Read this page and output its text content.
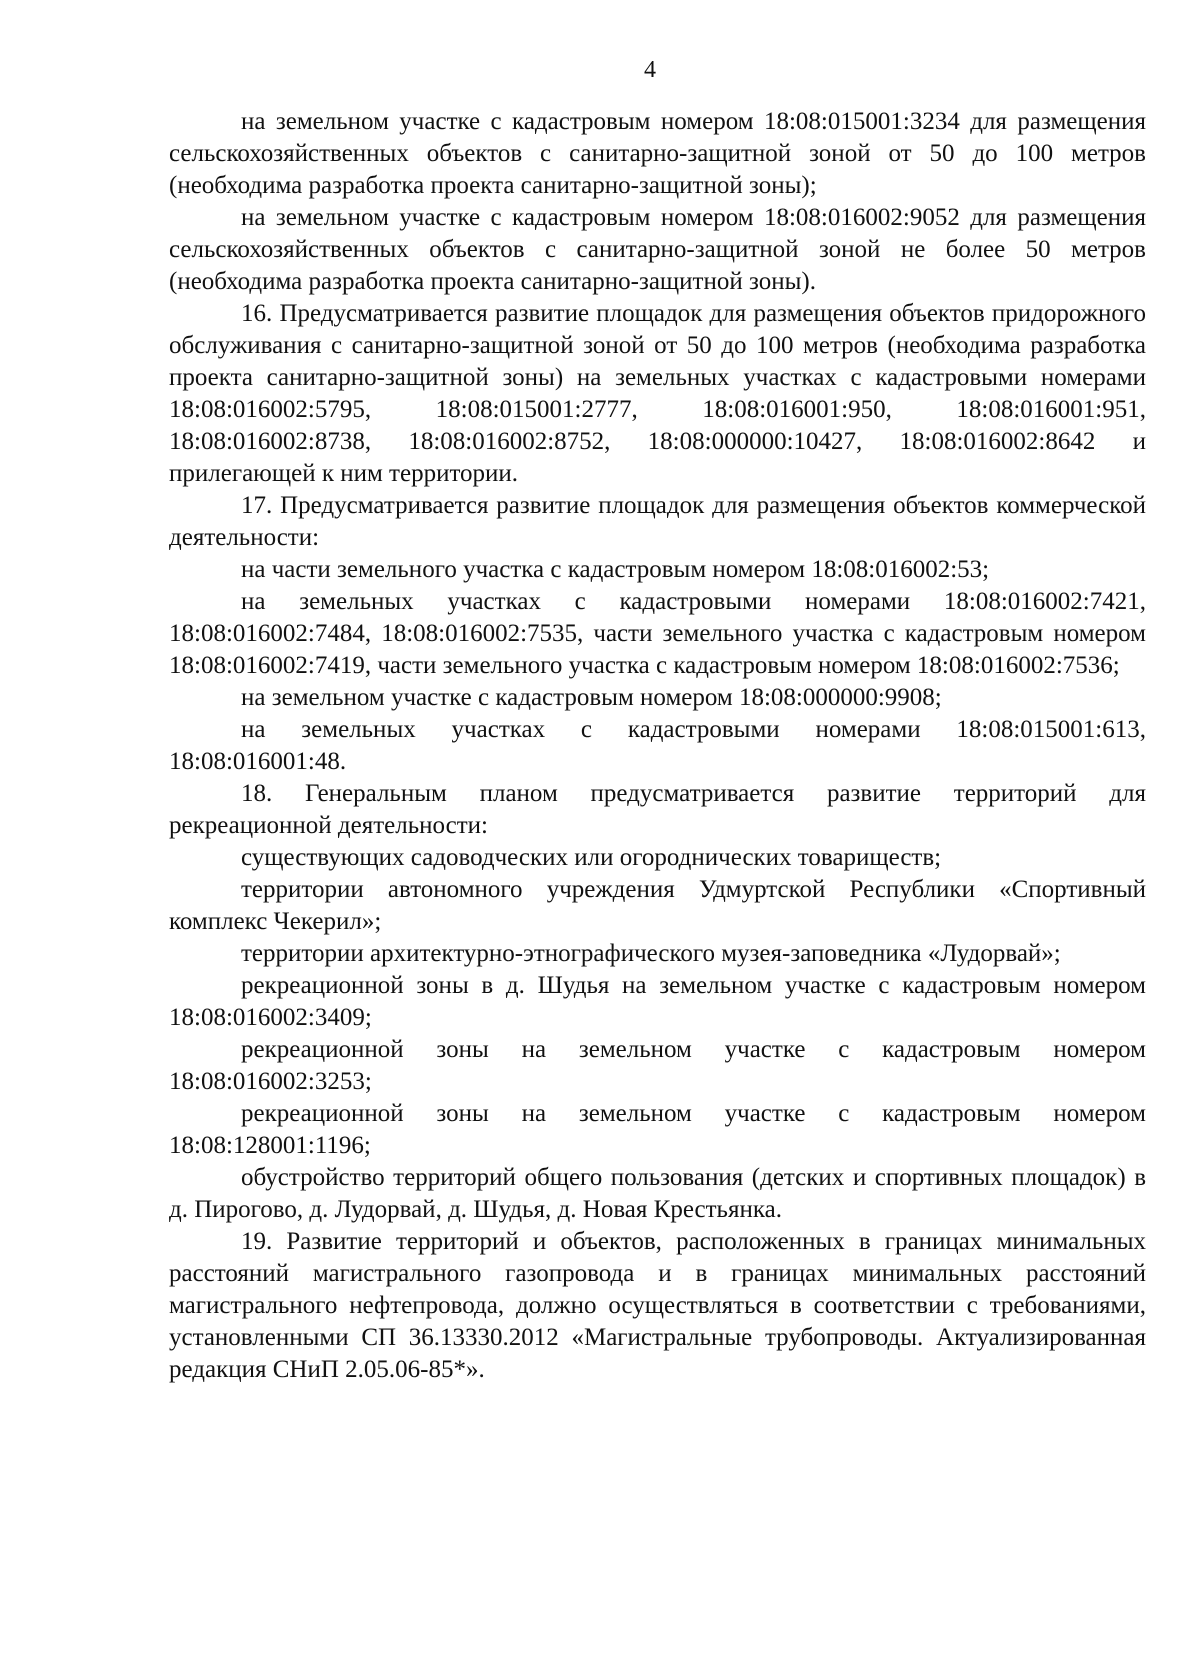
4

на земельном участке с кадастровым номером 18:08:015001:3234 для размещения сельскохозяйственных объектов с санитарно-защитной зоной от 50 до 100 метров (необходима разработка проекта санитарно-защитной зоны);

на земельном участке с кадастровым номером 18:08:016002:9052 для размещения сельскохозяйственных объектов с санитарно-защитной зоной не более 50 метров (необходима разработка проекта санитарно-защитной зоны).

16. Предусматривается развитие площадок для размещения объектов придорожного обслуживания с санитарно-защитной зоной от 50 до 100 метров (необходима разработка проекта санитарно-защитной зоны) на земельных участках с кадастровыми номерами 18:08:016002:5795, 18:08:015001:2777, 18:08:016001:950, 18:08:016001:951, 18:08:016002:8738, 18:08:016002:8752, 18:08:000000:10427, 18:08:016002:8642 и прилегающей к ним территории.

17. Предусматривается развитие площадок для размещения объектов коммерческой деятельности:

на части земельного участка с кадастровым номером 18:08:016002:53;

на земельных участках с кадастровыми номерами 18:08:016002:7421, 18:08:016002:7484, 18:08:016002:7535, части земельного участка с кадастровым номером 18:08:016002:7419, части земельного участка с кадастровым номером 18:08:016002:7536;

на земельном участке с кадастровым номером 18:08:000000:9908;

на земельных участках с кадастровыми номерами 18:08:015001:613, 18:08:016001:48.

18. Генеральным планом предусматривается развитие территорий для рекреационной деятельности:

существующих садоводческих или огороднических товариществ;

территории автономного учреждения Удмуртской Республики «Спортивный комплекс Чекерил»;

территории архитектурно-этнографического музея-заповедника «Лудорвай»;

рекреационной зоны в д. Шудья на земельном участке с кадастровым номером 18:08:016002:3409;

рекреационной зоны на земельном участке с кадастровым номером 18:08:016002:3253;

рекреационной зоны на земельном участке с кадастровым номером 18:08:128001:1196;

обустройство территорий общего пользования (детских и спортивных площадок) в д. Пирогово, д. Лудорвай, д. Шудья, д. Новая Крестьянка.

19. Развитие территорий и объектов, расположенных в границах минимальных расстояний магистрального газопровода и в границах минимальных расстояний магистрального нефтепровода, должно осуществляться в соответствии с требованиями, установленными СП 36.13330.2012 «Магистральные трубопроводы. Актуализированная редакция СНиП 2.05.06-85*».
